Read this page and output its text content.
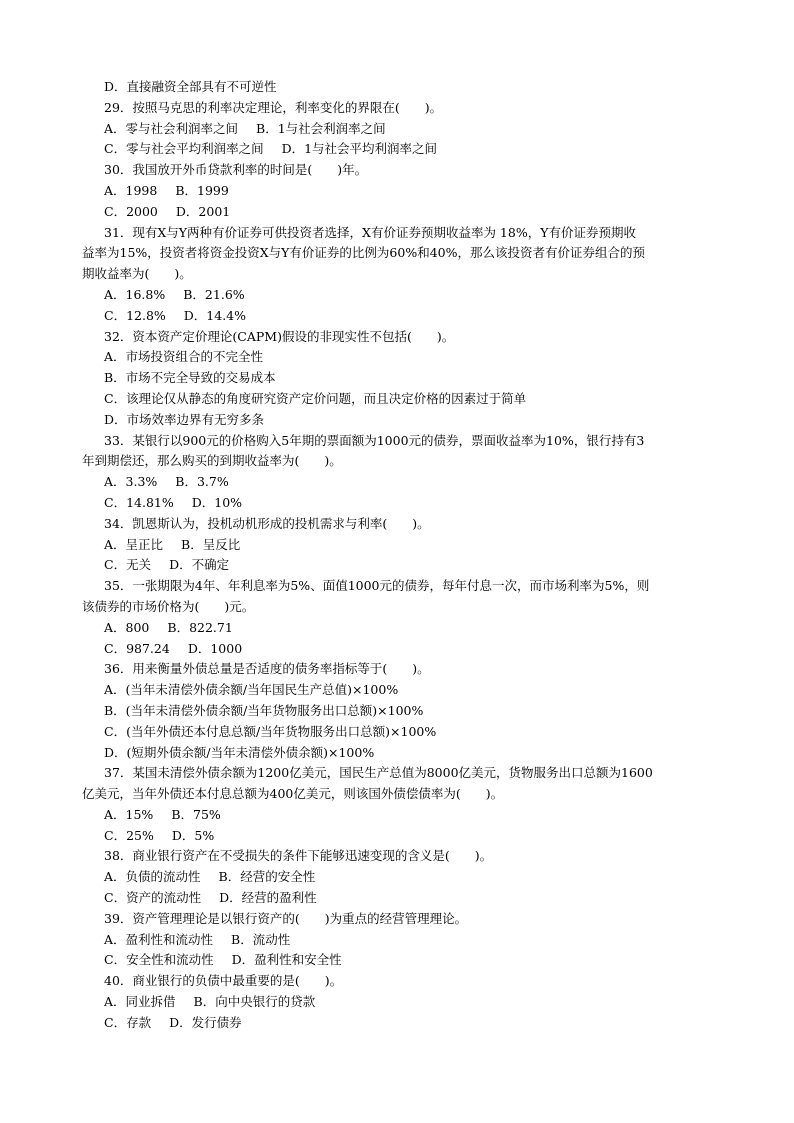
D．直接融资全部具有不可逆性
29．按照马克思的利率决定理论，利率变化的界限在(　　)。
A．零与社会利润率之间 B．1与社会利润率之间
C．零与社会平均利润率之间 D．1与社会平均利润率之间
30．我国放开外币贷款利率的时间是(　　)年。
A．1998 B．1999
C．2000 D．2001
31．现有X与Y两种有价证券可供投资者选择，X有价证券预期收益率为 18%，Y有价证券预期收
益率为15%，投资者将资金投资X与Y有价证券的比例为60%和40%，那么该投资者有价证券组合的预
期收益率为(　　)。
A．16.8% B．21.6%
C．12.8% D．14.4%
32．资本资产定价理论(CAPM)假设的非现实性不包括(　　)。
A．市场投资组合的不完全性
B．市场不完全导致的交易成本
C．该理论仅从静态的角度研究资产定价问题，而且决定价格的因素过于简单
D．市场效率边界有无穷多条
33．某银行以900元的价格购入5年期的票面额为1000元的债券，票面收益率为10%，银行持有3
年到期偿还，那么购买的到期收益率为(　　)。
A．3.3% B．3.7%
C．14.81% D．10%
34．凯恩斯认为，投机动机形成的投机需求与利率(　　)。
A．呈正比 B．呈反比
C．无关 D．不确定
35．一张期限为4年、年利息率为5%、面值1000元的债券，每年付息一次，而市场利率为5%，则
该债券的市场价格为(　　)元。
A．800 B．822.71
C．987.24 D．1000
36．用来衡量外债总量是否适度的债务率指标等于(　　)。
A．(当年未清偿外债余额/当年国民生产总值)×100%
B．(当年未清偿外债余额/当年货物服务出口总额)×100%
C．(当年外债还本付息总额/当年货物服务出口总额)×100%
D．(短期外债余额/当年未清偿外债余额)×100%
37．某国未清偿外债余额为1200亿美元，国民生产总值为8000亿美元，货物服务出口总额为1600
亿美元，当年外债还本付息总额为400亿美元，则该国外债偿债率为(　　)。
A．15% B．75%
C．25% D．5%
38．商业银行资产在不受损失的条件下能够迅速变现的含义是(　　)。
A．负债的流动性 B．经营的安全性
C．资产的流动性 D．经营的盈利性
39．资产管理理论是以银行资产的(　　)为重点的经营管理理论。
A．盈利性和流动性 B．流动性
C．安全性和流动性 D．盈利性和安全性
40．商业银行的负债中最重要的是(　　)。
A．同业拆借 B．向中央银行的贷款
C．存款 D．发行债券
